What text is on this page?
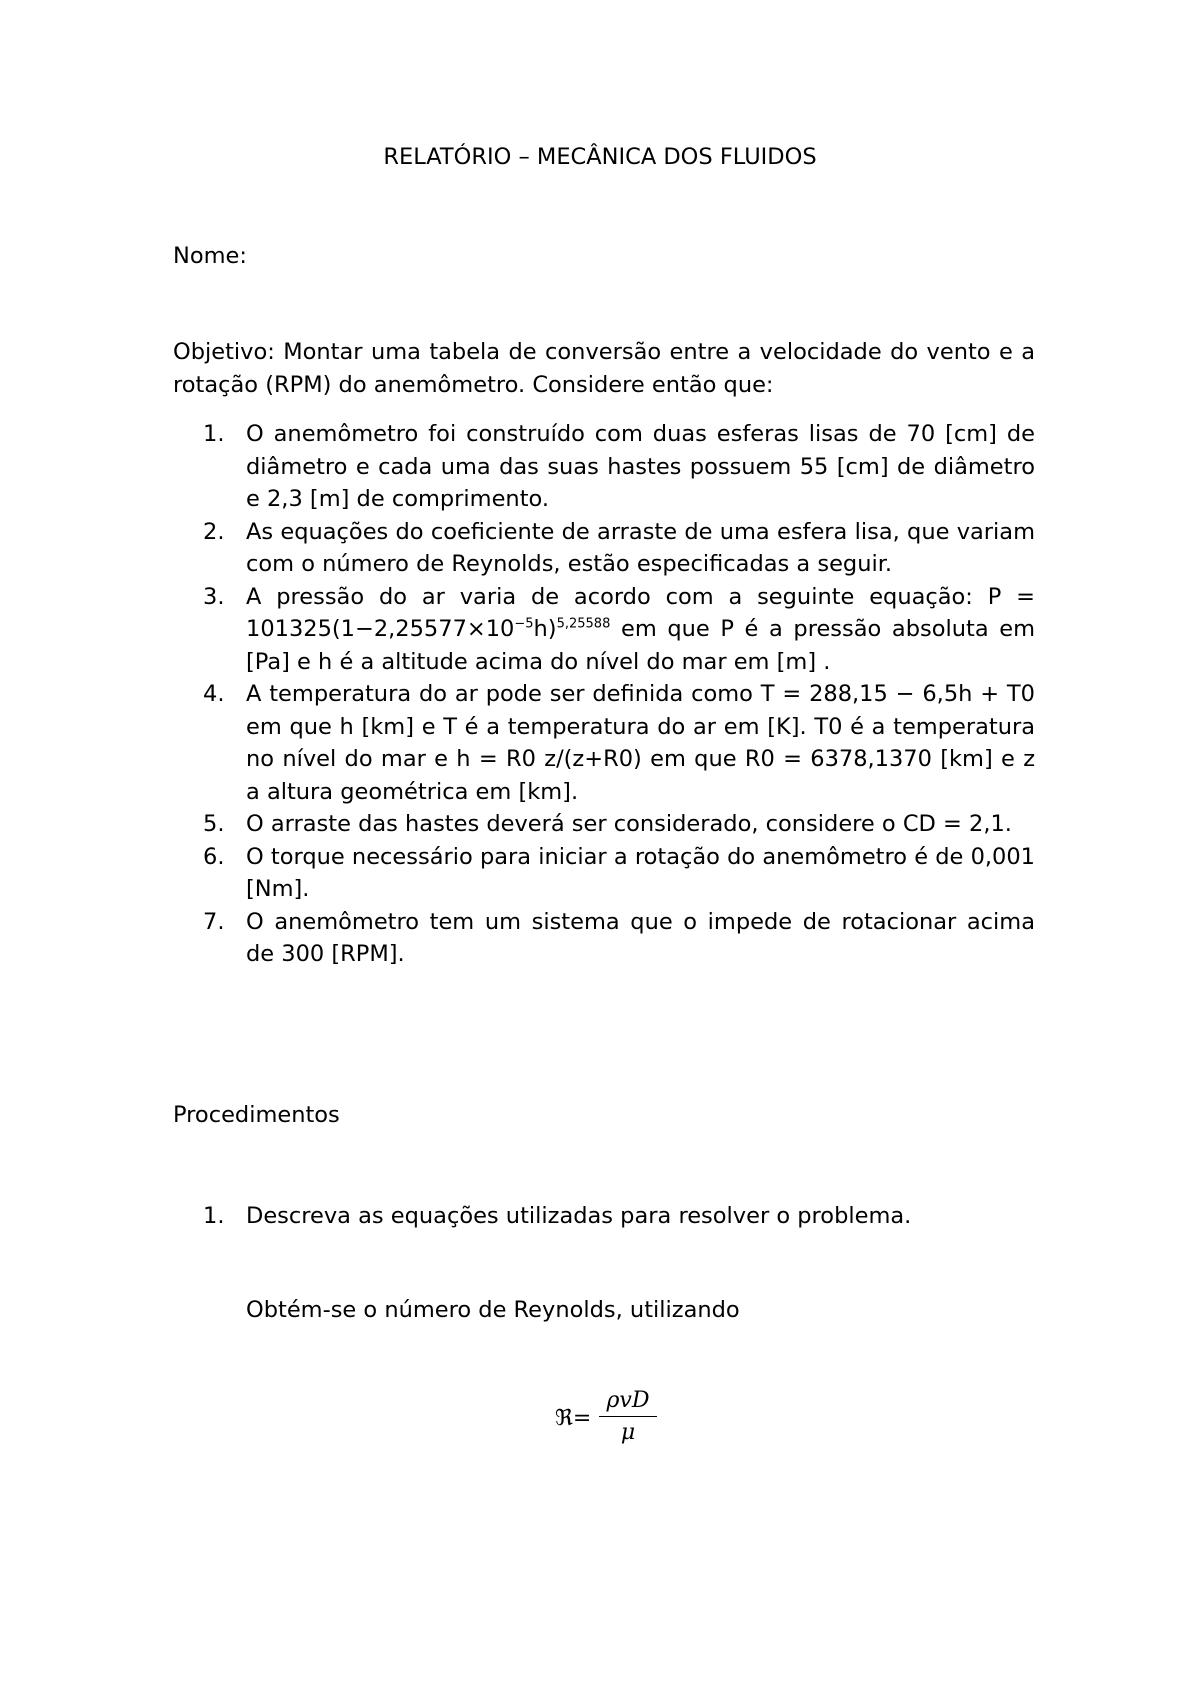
RELATÓRIO – MECÂNICA DOS FLUIDOS
Nome:

Objetivo: Montar uma tabela de conversão entre a velocidade do vento e a rotação (RPM) do anemômetro. Considere então que:

1. O anemômetro foi construído com duas esferas lisas de 70 [cm] de diâmetro e cada uma das suas hastes possuem 55 [cm] de diâmetro e 2,3 [m] de comprimento.
2. As equações do coeficiente de arraste de uma esfera lisa, que variam com o número de Reynolds, estão especificadas a seguir.
3. A pressão do ar varia de acordo com a seguinte equação: $P = 101325(1-2,25577\times 10^{-5}h)^{5,25588}$ em que P é a pressão absoluta em [Pa] e h é a altitude acima do nível do mar em [m] .
4. A temperatura do ar pode ser definida como T = 288,15 − 6,5h + T0 em que h [km] e T é a temperatura do ar em [K]. T0 é a temperatura no nível do mar e h = R0 z/(z+R0) em que R0 = 6378,1370 [km] e z a altura geométrica em [km].
5. O arraste das hastes deverá ser considerado, considere o CD = 2,1.
6. O torque necessário para iniciar a rotação do anemômetro é de 0,001 [Nm].
7. O anemômetro tem um sistema que o impede de rotacionar acima de 300 [RPM].
Procedimentos
1. Descreva as equações utilizadas para resolver o problema.
Obtém-se o número de Reynolds, utilizando
ℜ=
ρvD
μ
